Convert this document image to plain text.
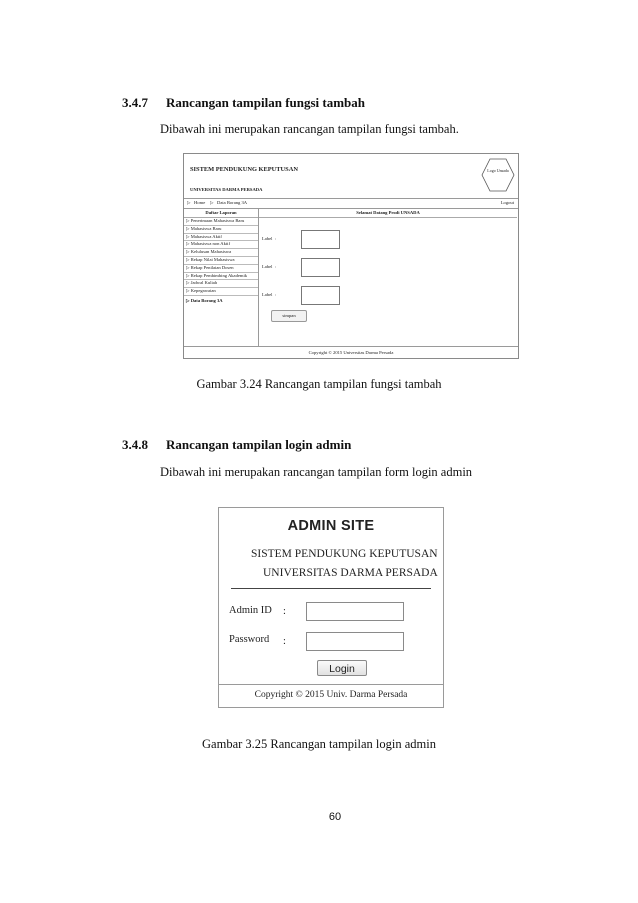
3.4.7 Rancangan tampilan fungsi tambah
Dibawah ini merupakan rancangan tampilan fungsi tambah.
SISTEM PENDUKUNG KEPUTUSAN
UNIVERSITAS DARMA PERSADA
Logo Unsada
▷ Home ▷ Data Borang 3A	Logout
Daftar Laporan
▷ Penerimaan Mahasiswa Baru
▷ Mahasiswa Baru
▷ Mahasiswa Aktif
▷ Mahasiswa non Aktif
▷ Kelulusan Mahasiswa
▷ Rekap Nilai Mahasiswa
▷ Rekap Penilaian Dosen
▷ Rekap Pembimbing Akademik
▷ Jadwal Kuliah
▷ Kepegawaian
▷ Data Borang 3A
Selamat Datang Prodi UNSADA
Label :
Label :
Label :
simpan
Copyright © 2015 Universitas Darma Persada
Gambar 3.24 Rancangan tampilan fungsi tambah
3.4.8 Rancangan tampilan login admin
Dibawah ini merupakan rancangan tampilan form login admin
ADMIN SITE
SISTEM PENDUKUNG KEPUTUSAN
UNIVERSITAS DARMA PERSADA
Admin ID :
Password :
Login
Copyright © 2015 Univ. Darma Persada
Gambar 3.25 Rancangan tampilan login admin
60
